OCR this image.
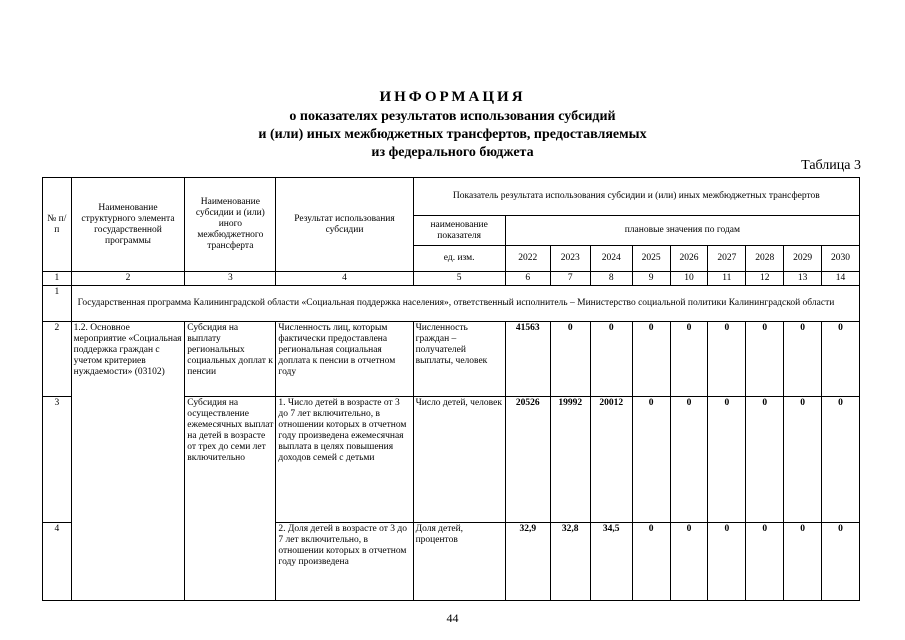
ИНФОРМАЦИЯ
о показателях результатов использования субсидий
и (или) иных межбюджетных трансфертов, предоставляемых
из федерального бюджета
Таблица 3
№ п/п	Наименование структурного элемента государственной программы	Наименование субсидии и (или) иного межбюджетного трансферта	Результат использования субсидии	Показатель результата использования субсидии и (или) иных межбюджетных трансфертов									
				наименование показателя	плановые значения по годам								
				ед. изм.	2022	2023	2024	2025	2026	2027	2028	2029	2030
1	2	3	4	5	6	7	8	9	10	11	12	13	14
1	Государственная программа Калининградской области «Социальная поддержка населения», ответственный исполнитель – Министерство социальной политики Калининградской области												
2	1.2. Основное мероприятие «Социальная поддержка граждан с учетом критериев нуждаемости» (03102)	Субсидия на выплату региональных социальных доплат к пенсии	Численность лиц, которым фактически предоставлена региональная социальная доплата к пенсии в отчетном году	Численность граждан – получателей выплаты, человек	41563	0	0	0	0	0	0	0	0
3		Субсидия на осуществление ежемесячных выплат на детей в возрасте от трех до семи лет включительно	1. Число детей в возрасте от 3 до 7 лет включительно, в отношении которых в отчетном году произведена ежемесячная выплата в целях повышения доходов семей с детьми	Число детей, человек	20526	19992	20012	0	0	0	0	0	0
4			2. Доля детей в возрасте от 3 до 7 лет включительно, в отношении которых в отчетном году произведена	Доля детей, процентов	32,9	32,8	34,5	0	0	0	0	0	0
44
